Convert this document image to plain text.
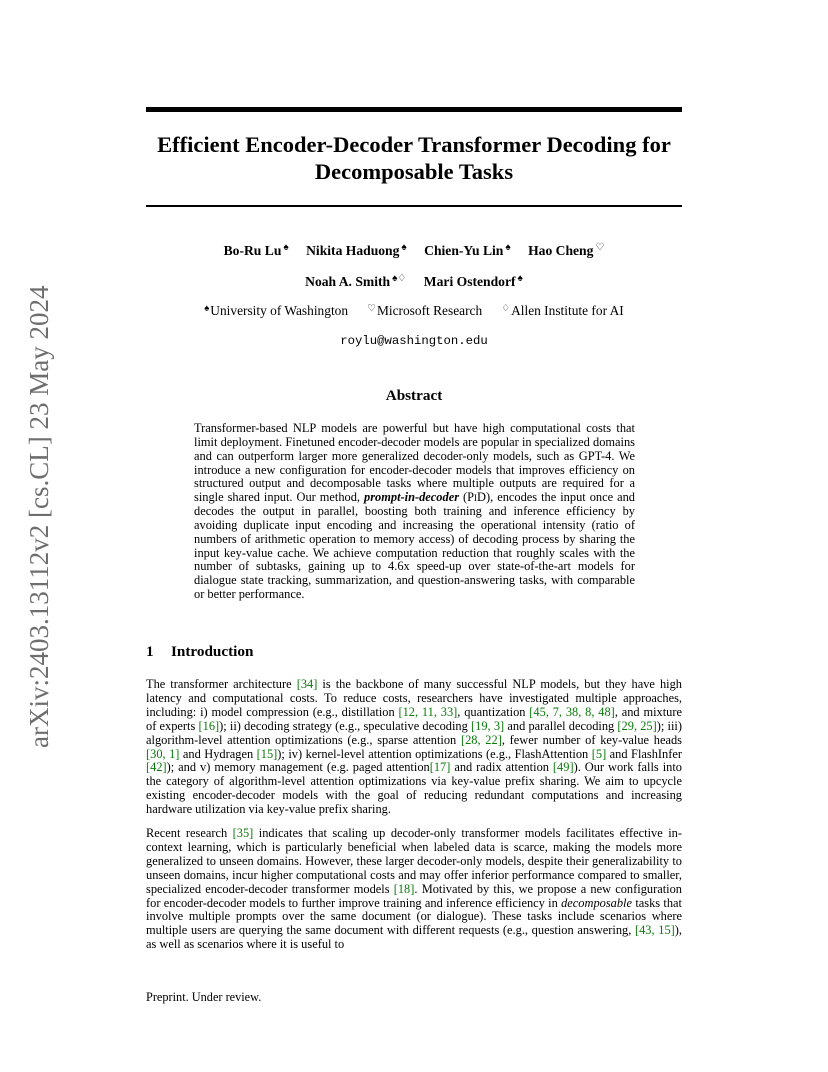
arXiv:2403.13112v2 [cs.CL] 23 May 2024
Efficient Encoder-Decoder Transformer Decoding for
Decomposable Tasks
Bo-Ru Lu ♠ Nikita Haduong ♠ Chien-Yu Lin ♠ Hao Cheng ♡
Noah A. Smith ♠♢ Mari Ostendorf ♠
♠University of Washington ♡Microsoft Research ♢Allen Institute for AI
roylu@washington.edu
Abstract
Transformer-based NLP models are powerful but have high computational costs that limit deployment. Finetuned encoder-decoder models are popular in specialized domains and can outperform larger more generalized decoder-only models, such as GPT-4. We introduce a new configuration for encoder-decoder models that improves efficiency on structured output and decomposable tasks where multiple outputs are required for a single shared input. Our method, prompt-in-decoder (PiD), encodes the input once and decodes the output in parallel, boosting both training and inference efficiency by avoiding duplicate input encoding and increasing the operational intensity (ratio of numbers of arithmetic operation to memory access) of decoding process by sharing the input key-value cache. We achieve computation reduction that roughly scales with the number of subtasks, gaining up to 4.6x speed-up over state-of-the-art models for dialogue state tracking, summarization, and question-answering tasks, with comparable or better performance.
1 Introduction
The transformer architecture [34] is the backbone of many successful NLP models, but they have high latency and computational costs. To reduce costs, researchers have investigated multiple approaches, including: i) model compression (e.g., distillation [12, 11, 33], quantization [45, 7, 38, 8, 48], and mixture of experts [16]); ii) decoding strategy (e.g., speculative decoding [19, 3] and parallel decoding [29, 25]); iii) algorithm-level attention optimizations (e.g., sparse attention [28, 22], fewer number of key-value heads [30, 1] and Hydragen [15]); iv) kernel-level attention optimizations (e.g., FlashAttention [5] and FlashInfer [42]); and v) memory management (e.g. paged attention[17] and radix attention [49]). Our work falls into the category of algorithm-level attention optimizations via key-value prefix sharing. We aim to upcycle existing encoder-decoder models with the goal of reducing redundant computations and increasing hardware utilization via key-value prefix sharing.
Recent research [35] indicates that scaling up decoder-only transformer models facilitates effective in-context learning, which is particularly beneficial when labeled data is scarce, making the models more generalized to unseen domains. However, these larger decoder-only models, despite their generalizability to unseen domains, incur higher computational costs and may offer inferior performance compared to smaller, specialized encoder-decoder transformer models [18]. Motivated by this, we propose a new configuration for encoder-decoder models to further improve training and inference efficiency in decomposable tasks that involve multiple prompts over the same document (or dialogue). These tasks include scenarios where multiple users are querying the same document with different requests (e.g., question answering, [43, 15]), as well as scenarios where it is useful to
Preprint. Under review.
